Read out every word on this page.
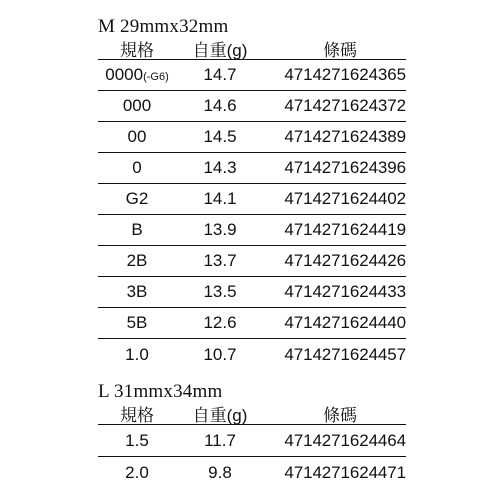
M 29mmx32mm
規格	自重(g)	條碼
0000(-G6)	14.7	4714271624365
000	14.6	4714271624372
00	14.5	4714271624389
0	14.3	4714271624396
G2	14.1	4714271624402
B	13.9	4714271624419
2B	13.7	4714271624426
3B	13.5	4714271624433
5B	12.6	4714271624440
1.0	10.7	4714271624457
L 31mmx34mm
規格	自重(g)	條碼
1.5	11.7	4714271624464
2.0	9.8	4714271624471
